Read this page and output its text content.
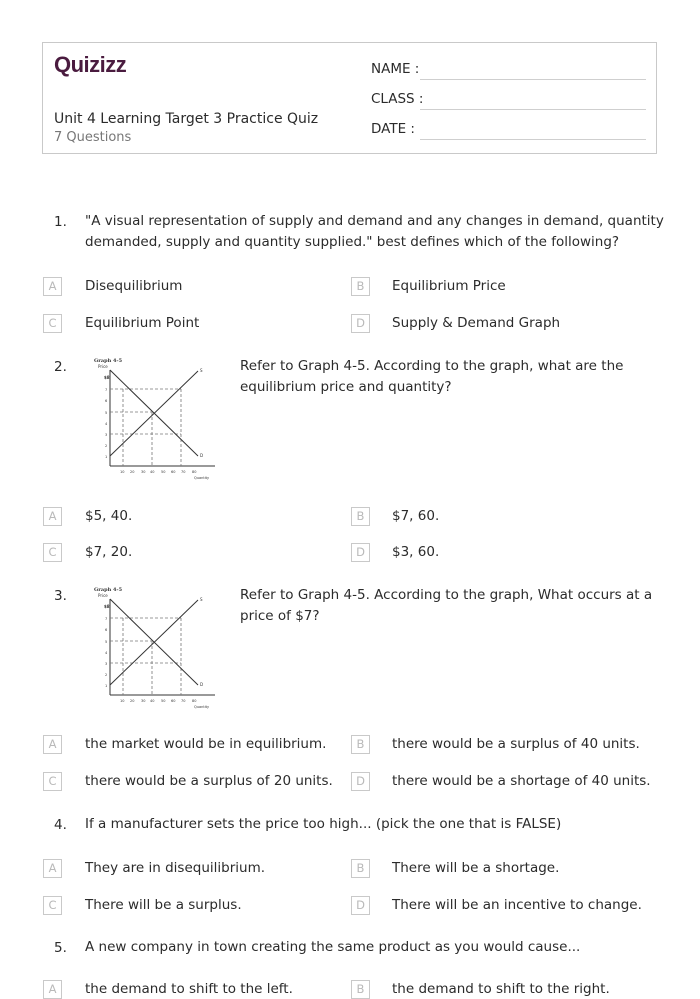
Quizizz
Unit 4 Learning Target 3 Practice Quiz
7 Questions
NAME :
CLASS :
DATE :
1. "A visual representation of supply and demand and any changes in demand, quantity
demanded, supply and quantity supplied." best defines which of the following?
A	Disequilibrium	B	Equilibrium Price
C	Equilibrium Point	D	Supply & Demand Graph
2.	Graph 4-5
Price
$8
7
6
5
4
3
2
1
S
D
10 20 30 40 50 60 70 80
Quantity
Refer to Graph 4-5. According to the graph, what are the
equilibrium price and quantity?
A	$5, 40.	B	$7, 60.
C	$7, 20.	D	$3, 60.
3.	Graph 4-5
Price
$8
7
6
5
4
3
2
1
S
D
10 20 30 40 50 60 70 80
Quantity
Refer to Graph 4-5. According to the graph, What occurs at a
price of $7?
A	the market would be in equilibrium.	B	there would be a surplus of 40 units.
C	there would be a surplus of 20 units.	D	there would be a shortage of 40 units.
4. If a manufacturer sets the price too high... (pick the one that is FALSE)
A	They are in disequilibrium.	B	There will be a shortage.
C	There will be a surplus.	D	There will be an incentive to change.
5. A new company in town creating the same product as you would cause...
A	the demand to shift to the left.	B	the demand to shift to the right.
